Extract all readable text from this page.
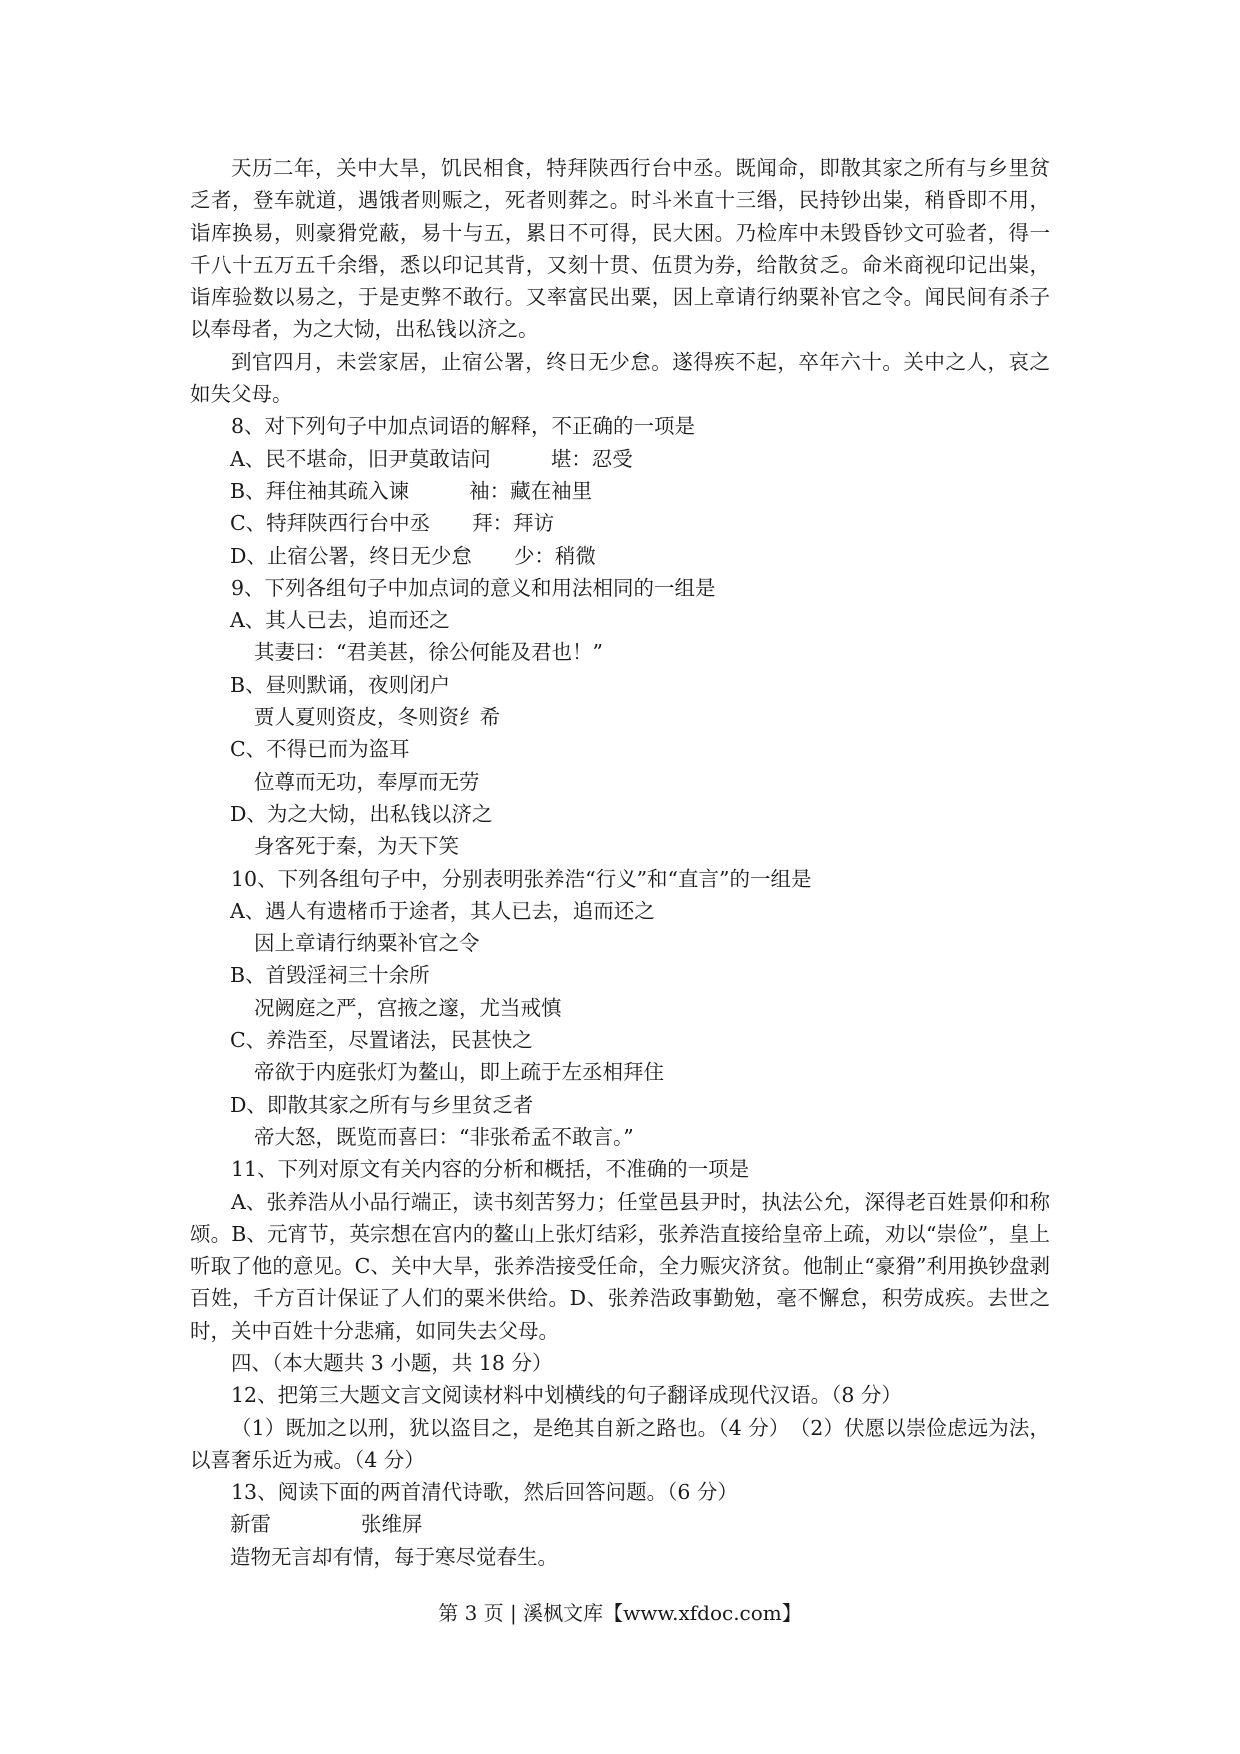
天历二年，关中大旱，饥民相食，特拜陕西行台中丞。既闻命，即散其家之所有与乡里贫乏者，登车就道，遇饿者则赈之，死者则葬之。时斗米直十三缗，民持钞出粜，稍昏即不用，诣库换易，则豪猾党蔽，易十与五，累日不可得，民大困。乃检库中未毁昏钞文可验者，得一千八十五万五千余缗，悉以印记其背，又刻十贯、伍贯为券，给散贫乏。命米商视印记出粜，诣库验数以易之，于是吏弊不敢行。又率富民出粟，因上章请行纳粟补官之令。闻民间有杀子以奉母者，为之大恸，出私钱以济之。
到官四月，未尝家居，止宿公署，终日无少怠。遂得疾不起，卒年六十。关中之人，哀之如失父母。
8、对下列句子中加点词语的解释，不正确的一项是
A、民不堪命，旧尹莫敢诘问	堪：忍受
B、拜住袖其疏入谏	袖：藏在袖里
C、特拜陕西行台中丞 拜：拜访
D、止宿公署，终日无少怠 少：稍微
9、下列各组句子中加点词的意义和用法相同的一组是
A、其人已去，追而还之
其妻曰：“君美甚，徐公何能及君也！”
B、昼则默诵，夜则闭户
贾人夏则资皮，冬则资纟希
C、不得已而为盗耳
位尊而无功，奉厚而无劳
D、为之大恸，出私钱以济之
身客死于秦，为天下笑
10、下列各组句子中，分别表明张养浩“行义”和“直言”的一组是
A、遇人有遗楮币于途者，其人已去，追而还之
因上章请行纳粟补官之令
B、首毁淫祠三十余所
况阙庭之严，宫掖之邃，尤当戒慎
C、养浩至，尽置诸法，民甚快之
帝欲于内庭张灯为鳌山，即上疏于左丞相拜住
D、即散其家之所有与乡里贫乏者
帝大怒，既览而喜曰：“非张希孟不敢言。”
11、下列对原文有关内容的分析和概括，不准确的一项是
A、张养浩从小品行端正，读书刻苦努力；任堂邑县尹时，执法公允，深得老百姓景仰和称颂。B、元宵节，英宗想在宫内的鳌山上张灯结彩，张养浩直接给皇帝上疏，劝以“崇俭”，皇上听取了他的意见。C、关中大旱，张养浩接受任命，全力赈灾济贫。他制止“豪猾”利用换钞盘剥百姓，千方百计保证了人们的粟米供给。D、张养浩政事勤勉，毫不懈怠，积劳成疾。去世之时，关中百姓十分悲痛，如同失去父母。
四、（本大题共 3 小题，共 18 分）
12、把第三大题文言文阅读材料中划横线的句子翻译成现代汉语。（8 分）
（1）既加之以刑，犹以盗目之，是绝其自新之路也。（4 分）　（2）伏愿以崇俭虑远为法，以喜奢乐近为戒。（4 分）
13、阅读下面的两首清代诗歌，然后回答问题。（6 分）
新雷	张维屏
造物无言却有情，每于寒尽觉春生。
第 3 页 | 溪枫文库【www.xfdoc.com】
